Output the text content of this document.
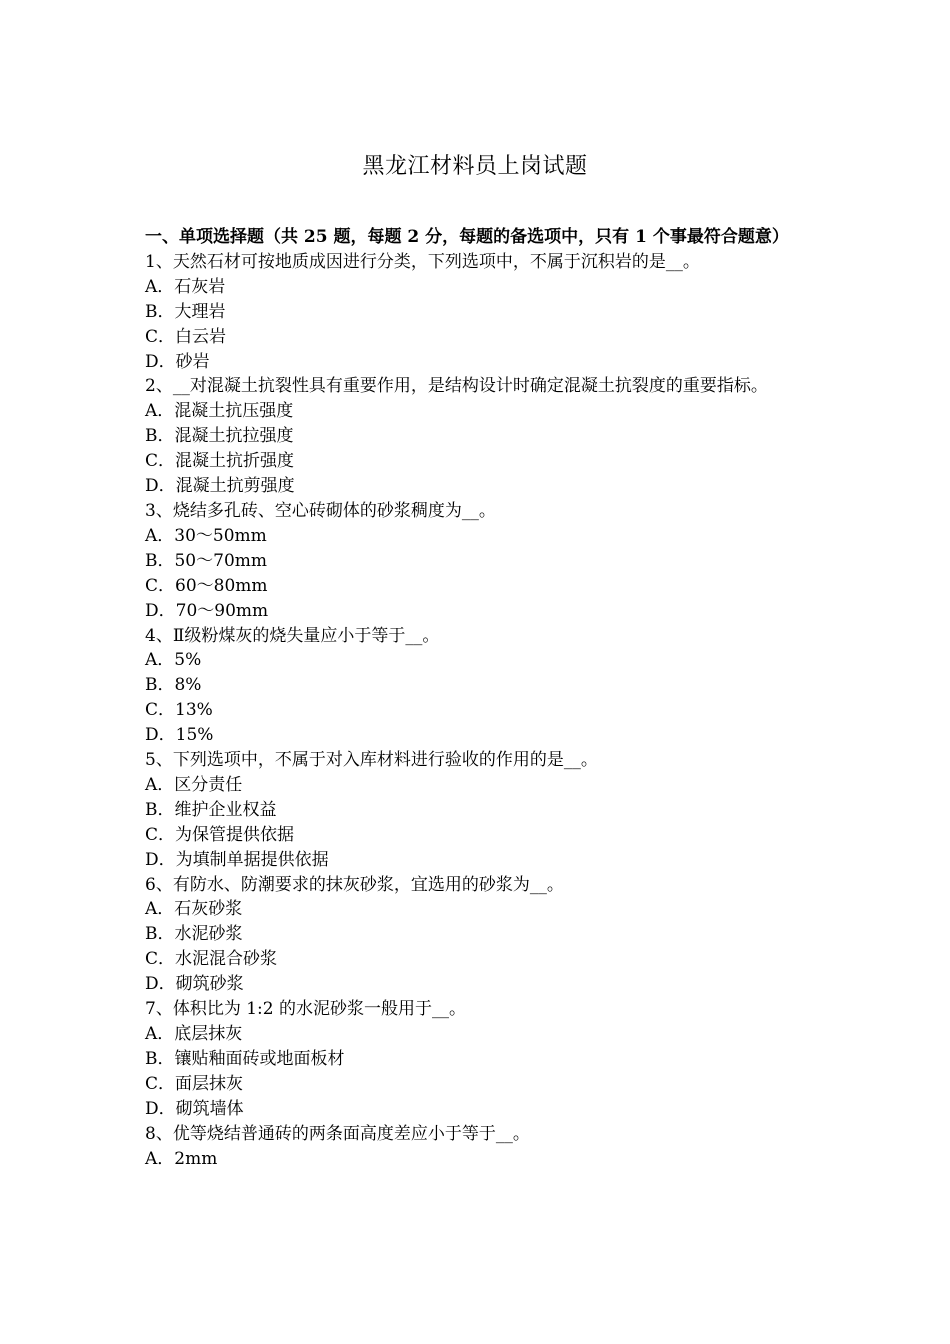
黑龙江材料员上岗试题
一、单项选择题（共 25 题，每题 2 分，每题的备选项中，只有 1 个事最符合题意）
1、天然石材可按地质成因进行分类，下列选项中，不属于沉积岩的是__。
A．石灰岩
B．大理岩
C．白云岩
D．砂岩
2、__对混凝土抗裂性具有重要作用，是结构设计时确定混凝土抗裂度的重要指标。
A．混凝土抗压强度
B．混凝土抗拉强度
C．混凝土抗折强度
D．混凝土抗剪强度
3、烧结多孔砖、空心砖砌体的砂浆稠度为__。
A．30～50mm
B．50～70mm
C．60～80mm
D．70～90mm
4、Ⅱ级粉煤灰的烧失量应小于等于__。
A．5%
B．8%
C．13%
D．15%
5、下列选项中，不属于对入库材料进行验收的作用的是__。
A．区分责任
B．维护企业权益
C．为保管提供依据
D．为填制单据提供依据
6、有防水、防潮要求的抹灰砂浆，宜选用的砂浆为__。
A．石灰砂浆
B．水泥砂浆
C．水泥混合砂浆
D．砌筑砂浆
7、体积比为 1:2 的水泥砂浆一般用于__。
A．底层抹灰
B．镶贴釉面砖或地面板材
C．面层抹灰
D．砌筑墙体
8、优等烧结普通砖的两条面高度差应小于等于__。
A．2mm
